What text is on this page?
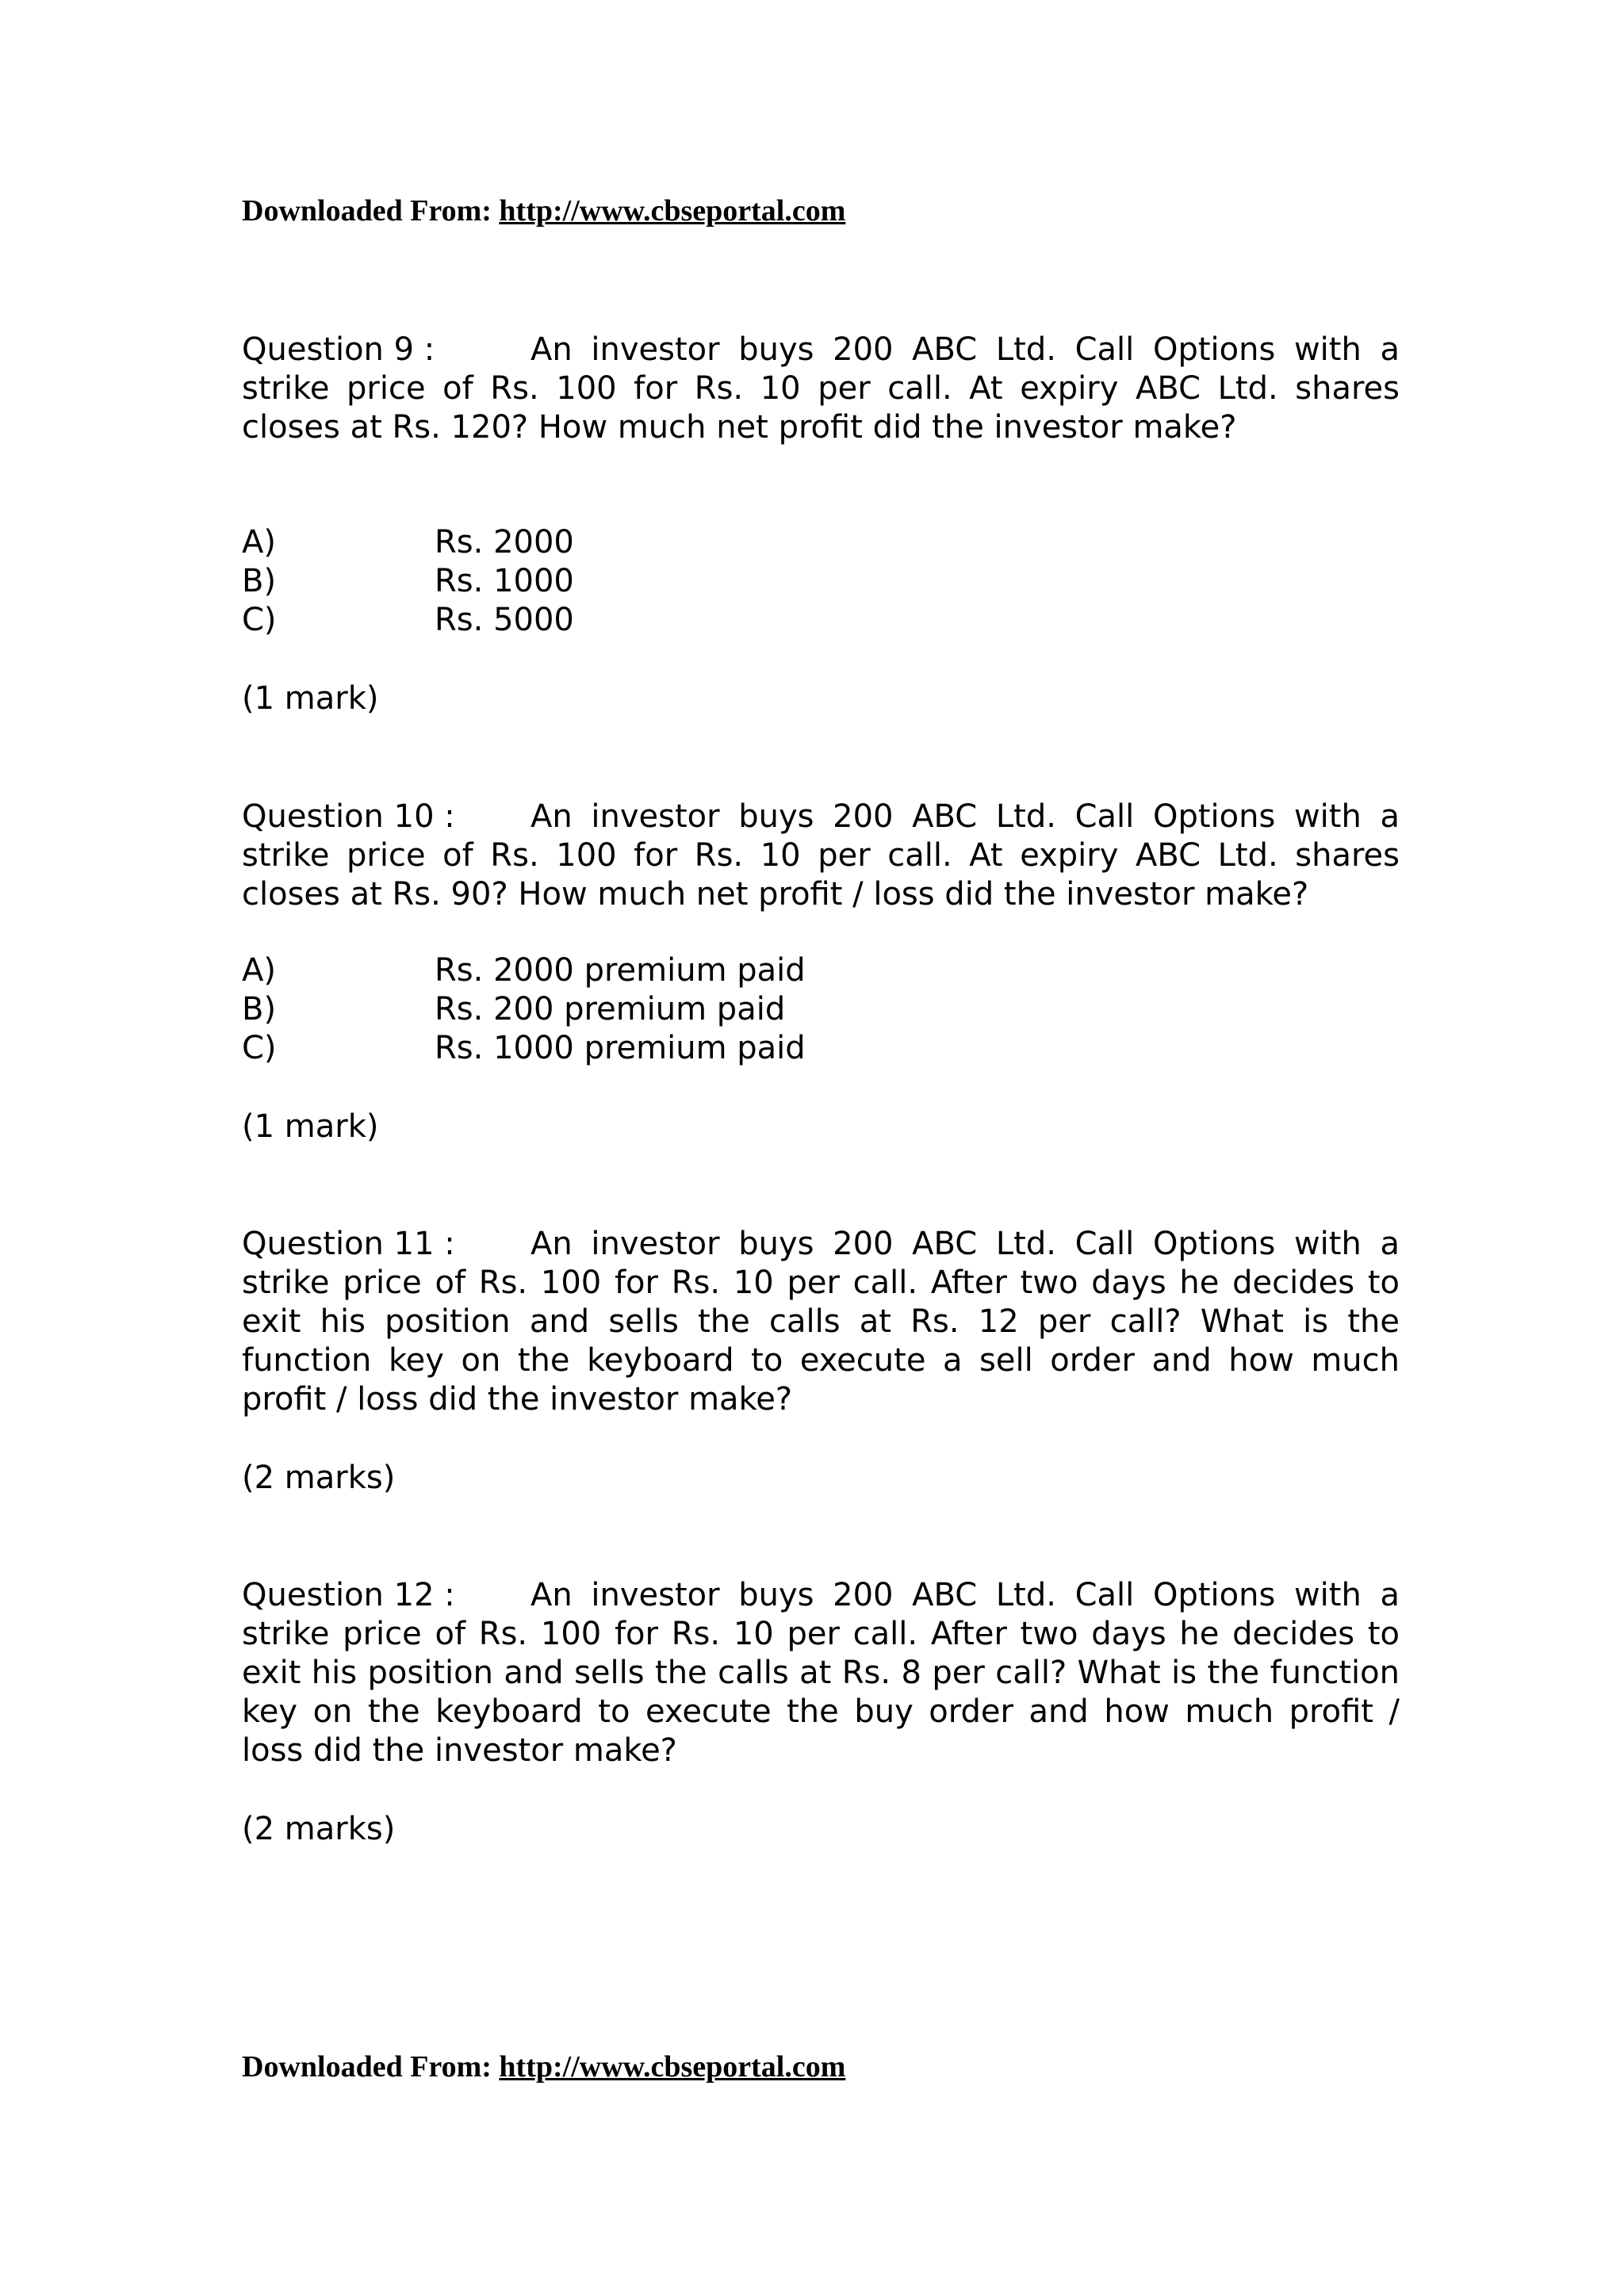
Downloaded From: http://www.cbseportal.com
Question 9 :	An investor buys 200 ABC Ltd. Call Options with a strike price of Rs. 100 for Rs. 10 per call. At expiry ABC Ltd. shares closes at Rs. 120? How much net profit did the investor make?
A)	Rs. 2000
B)	Rs. 1000
C)	Rs. 5000
(1 mark)
Question 10 : An investor buys 200 ABC Ltd. Call Options with a strike price of Rs. 100 for Rs. 10 per call. At expiry ABC Ltd. shares closes at Rs. 90? How much net profit / loss did the investor make?
A)	Rs. 2000 premium paid
B)	Rs. 200 premium paid
C)	Rs. 1000 premium paid
(1 mark)
Question 11 : An investor buys 200 ABC Ltd. Call Options with a strike price of Rs. 100 for Rs. 10 per call. After two days he decides to exit his position and sells the calls at Rs. 12 per call? What is the function key on the keyboard to execute a sell order and how much profit / loss did the investor make?
(2 marks)
Question 12 : An investor buys 200 ABC Ltd. Call Options with a strike price of Rs. 100 for Rs. 10 per call. After two days he decides to exit his position and sells the calls at Rs. 8 per call? What is the function key on the keyboard to execute the buy order and how much profit / loss did the investor make?
(2 marks)
Downloaded From: http://www.cbseportal.com
